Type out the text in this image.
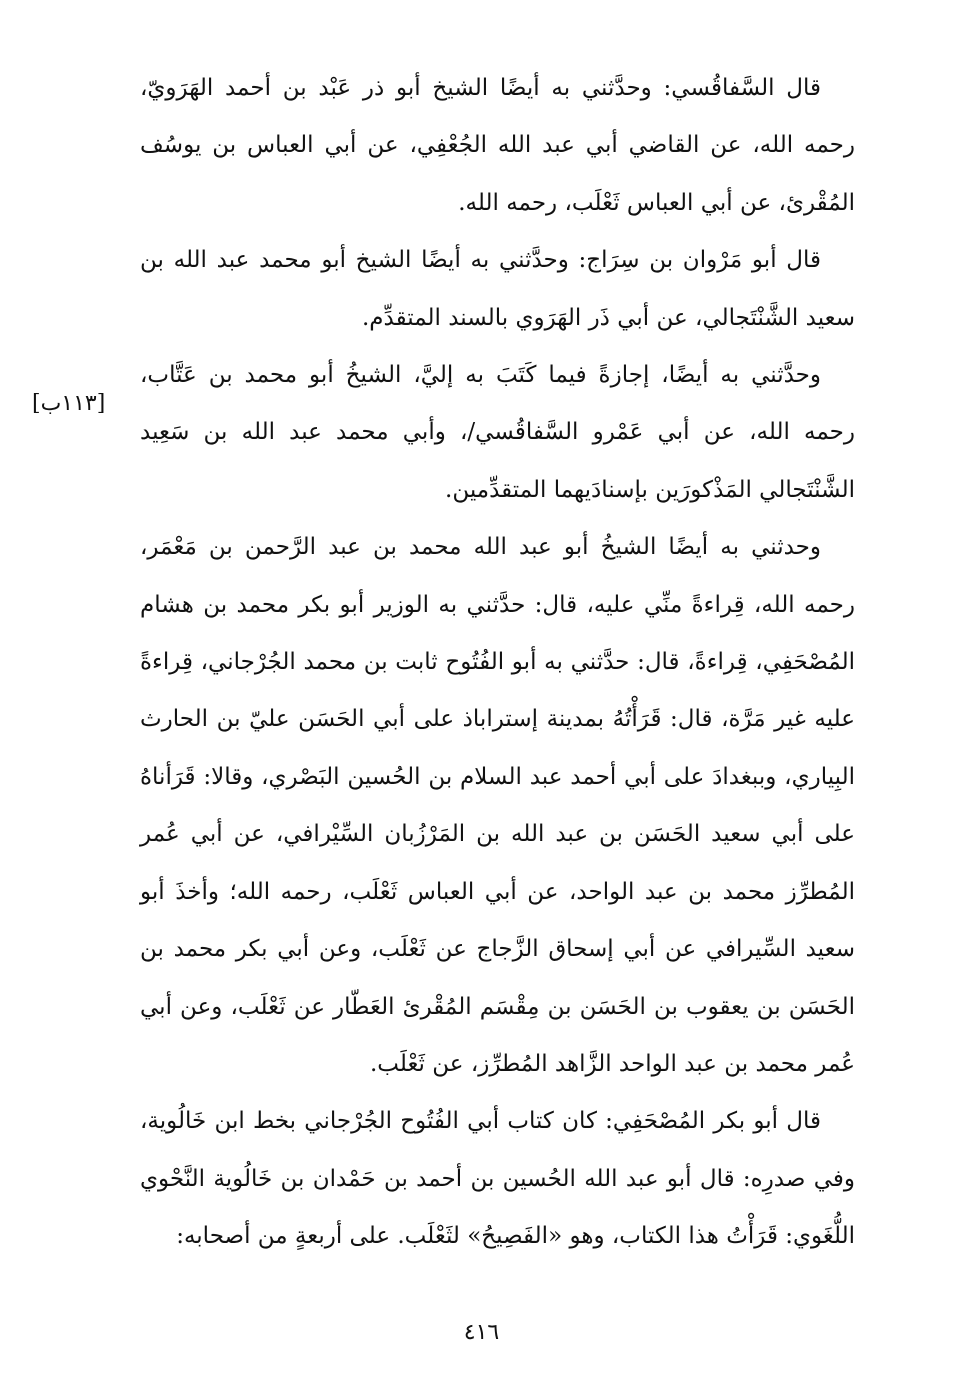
قال السَّفاقُسي: وحدَّثني به أيضًا الشيخ أبو ذر عَبْد بن أحمد الهَرَويّ، رحمه الله، عن القاضي أبي عبد الله الجُعْفِي، عن أبي العباس بن يوسُف المُقْرئ، عن أبي العباس ثَعْلَب، رحمه الله.

قال أبو مَرْوان بن سِرَاج: وحدَّثني به أيضًا الشيخ أبو محمد عبد الله بن سعيد الشَّنْتَجالي، عن أبي ذَر الهَرَوي بالسند المتقدِّم.

وحدَّثني به أيضًا، إجازةً فيما كَتَبَ به إليَّ، الشيخُ أبو محمد بن عَتَّاب، رحمه الله، عن أبي عَمْرو السَّفاقُسي/، وأبي محمد عبد الله بن سَعِيد الشَّنْتَجالي المَذْكورَين بإسنادَيهما المتقدِّمين.

وحدثني به أيضًا الشيخُ أبو عبد الله محمد بن عبد الرَّحمن بن مَعْمَر، رحمه الله، قِراءةً منِّي عليه، قال: حدَّثني به الوزير أبو بكر محمد بن هشام المُصْحَفِي، قِراءةً، قال: حدَّثني به أبو الفُتُوح ثابت بن محمد الجُرْجاني، قِراءةً عليه غير مَرَّة، قال: قَرَأْتُهُ بمدينة إستراباذ على أبي الحَسَن عليّ بن الحارث البِياري، وببغدادَ على أبي أحمد عبد السلام بن الحُسين البَصْري، وقالا: قَرَأناهُ على أبي سعيد الحَسَن بن عبد الله بن المَرْزُبان السِّيْرافي، عن أبي عُمر المُطرِّز محمد بن عبد الواحد، عن أبي العباس ثَعْلَب، رحمه الله؛ وأخذَ أبو سعيد السِّيرافي عن أبي إسحاق الزَّجاج عن ثَعْلَب، وعن أبي بكر محمد بن الحَسَن بن يعقوب بن الحَسَن بن مِقْسَم المُقْرئ العَطّار عن ثَعْلَب، وعن أبي عُمر محمد بن عبد الواحد الزَّاهد المُطرِّز، عن ثَعْلَب.

قال أبو بكر المُصْحَفِي: كان كتاب أبي الفُتُوح الجُرْجاني بخط ابن خَالُوية، وفي صدرِه: قال أبو عبد الله الحُسين بن أحمد بن حَمْدان بن خَالُوية النَّحْوي اللُّغَوي: قَرَأْتُ هذا الكتاب، وهو «الفَصِيحُ» لثَعْلَب. على أربعةٍ من أصحابه:

[١١٣ب]
٤١٦
